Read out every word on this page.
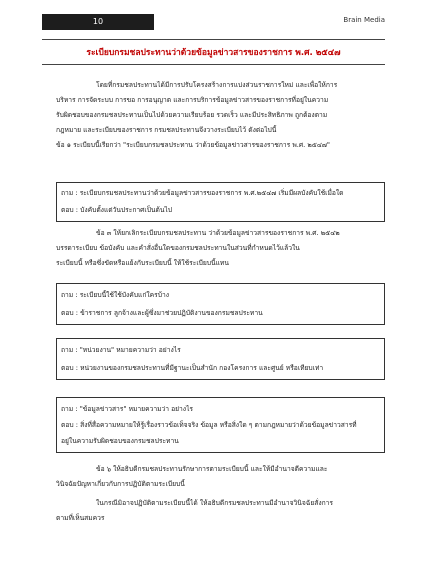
10	Brain Media
ระเบียบกรมชลประทานว่าด้วยข้อมูลข่าวสารของราชการ พ.ศ. ๒๕๔๗
โดยที่กรมชลประทานได้มีการปรับโครงสร้างการแบ่งส่วนราชการใหม่ และเพื่อให้การ
บริหาร การจัดระบบ การขอ การอนุญาต และการบริการข้อมูลข่าวสารของราชการที่อยู่ในความ
รับผิดชอบของกรมชลประทานเป็นไปด้วยความเรียบร้อย รวดเร็ว และมีประสิทธิภาพ ถูกต้องตาม
กฎหมาย และระเบียบของราชการ กรมชลประทานจึงวางระเบียบไว้ ดังต่อไปนี้
ข้อ ๑ ระเบียบนี้เรียกว่า "ระเบียบกรมชลประทาน ว่าด้วยข้อมูลข่าวสารของราชการ พ.ศ. ๒๕๔๗"
ถาม : ระเบียบกรมชลประทานว่าด้วยข้อมูลข่าวสารของราชการ พ.ศ.๒๕๔๗ เริ่มมีผลบังคับใช้เมื่อใด
ตอบ : บังคับตั้งแต่วันประกาศเป็นต้นไป
ข้อ ๓ ให้ยกเลิกระเบียบกรมชลประทาน ว่าด้วยข้อมูลข่าวสารของราชการ พ.ศ. ๒๕๔๒
บรรดาระเบียบ ข้อบังคับ และคำสั่งอื่นใดของกรมชลประทานในส่วนที่กำหนดไว้แล้วใน
ระเบียบนี้ หรือซึ่งขัดหรือแย้งกับระเบียบนี้ ให้ใช้ระเบียบนี้แทน
ถาม : ระเบียบนี้ใช้ใช้บังคับแก่ใครบ้าง
ตอบ : ข้าราชการ ลูกจ้างและผู้ซึ่งมาช่วยปฏิบัติงานของกรมชลประทาน
ถาม : "หน่วยงาน" หมายความว่า อย่างไร
ตอบ : หน่วยงานของกรมชลประทานที่มีฐานะเป็นสำนัก กองโครงการ และศูนย์ หรือเทียบเท่า
ถาม : "ข้อมูลข่าวสาร" หมายความว่า อย่างไร
ตอบ : สิ่งที่สื่อความหมายให้รู้เรื่องราวข้อเท็จจริง ข้อมูล หรือสิ่งใด ๆ ตามกฎหมายว่าด้วยข้อมูลข่าวสารที่
อยู่ในความรับผิดชอบของกรมชลประทาน
ข้อ ๖ ให้อธิบดีกรมชลประทานรักษาการตามระเบียบนี้ และให้มีอำนาจตีความและ
วินิจฉัยปัญหาเกี่ยวกับการปฏิบัติตามระเบียบนี้
ในกรณีมิอาจปฏิบัติตามระเบียบนี้ได้ ให้อธิบดีกรมชลประทานมีอำนาจวินิจฉัยสั่งการ
ตามที่เห็นสมควร
